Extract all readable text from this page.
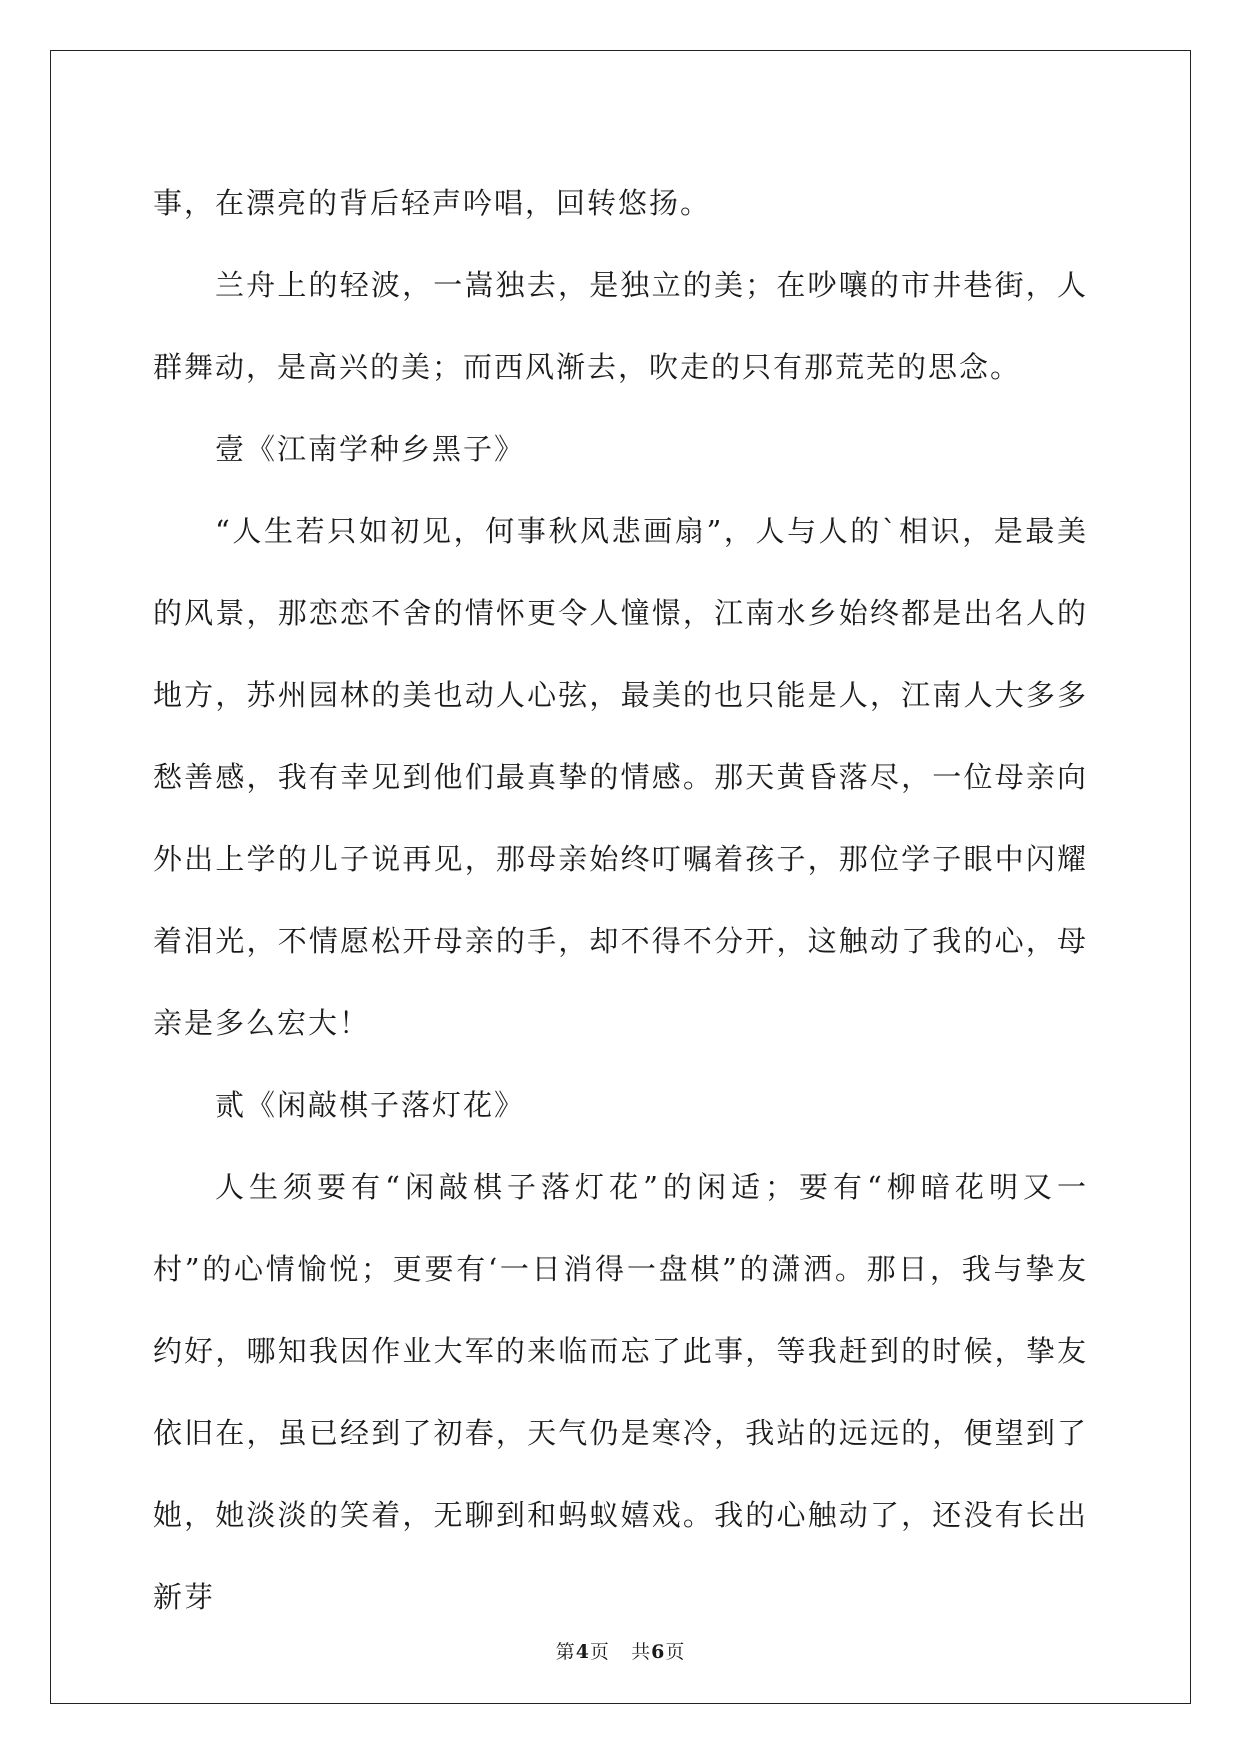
事，在漂亮的背后轻声吟唱，回转悠扬。

兰舟上的轻波，一嵩独去，是独立的美；在吵嚷的市井巷街，人群舞动，是高兴的美；而西风渐去，吹走的只有那荒芜的思念。

壹《江南学种乡黑子》

“人生若只如初见，何事秋风悲画扇”，人与人的`相识，是最美的风景，那恋恋不舍的情怀更令人憧憬，江南水乡始终都是出名人的地方，苏州园林的美也动人心弦，最美的也只能是人，江南人大多多愁善感，我有幸见到他们最真挚的情感。那天黄昏落尽，一位母亲向外出上学的儿子说再见，那母亲始终叮嘱着孩子，那位学子眼中闪耀着泪光，不情愿松开母亲的手，却不得不分开，这触动了我的心，母亲是多么宏大！

贰《闲敲棋子落灯花》

人生须要有“闲敲棋子落灯花”的闲适；要有“柳暗花明又一村”的心情愉悦；更要有‘一日消得一盘棋”的潇洒。那日，我与挚友约好，哪知我因作业大军的来临而忘了此事，等我赶到的时候，挚友依旧在，虽已经到了初春，天气仍是寒冷，我站的远远的，便望到了她，她淡淡的笑着，无聊到和蚂蚁嬉戏。我的心触动了，还没有长出新芽

第4页 共6页
